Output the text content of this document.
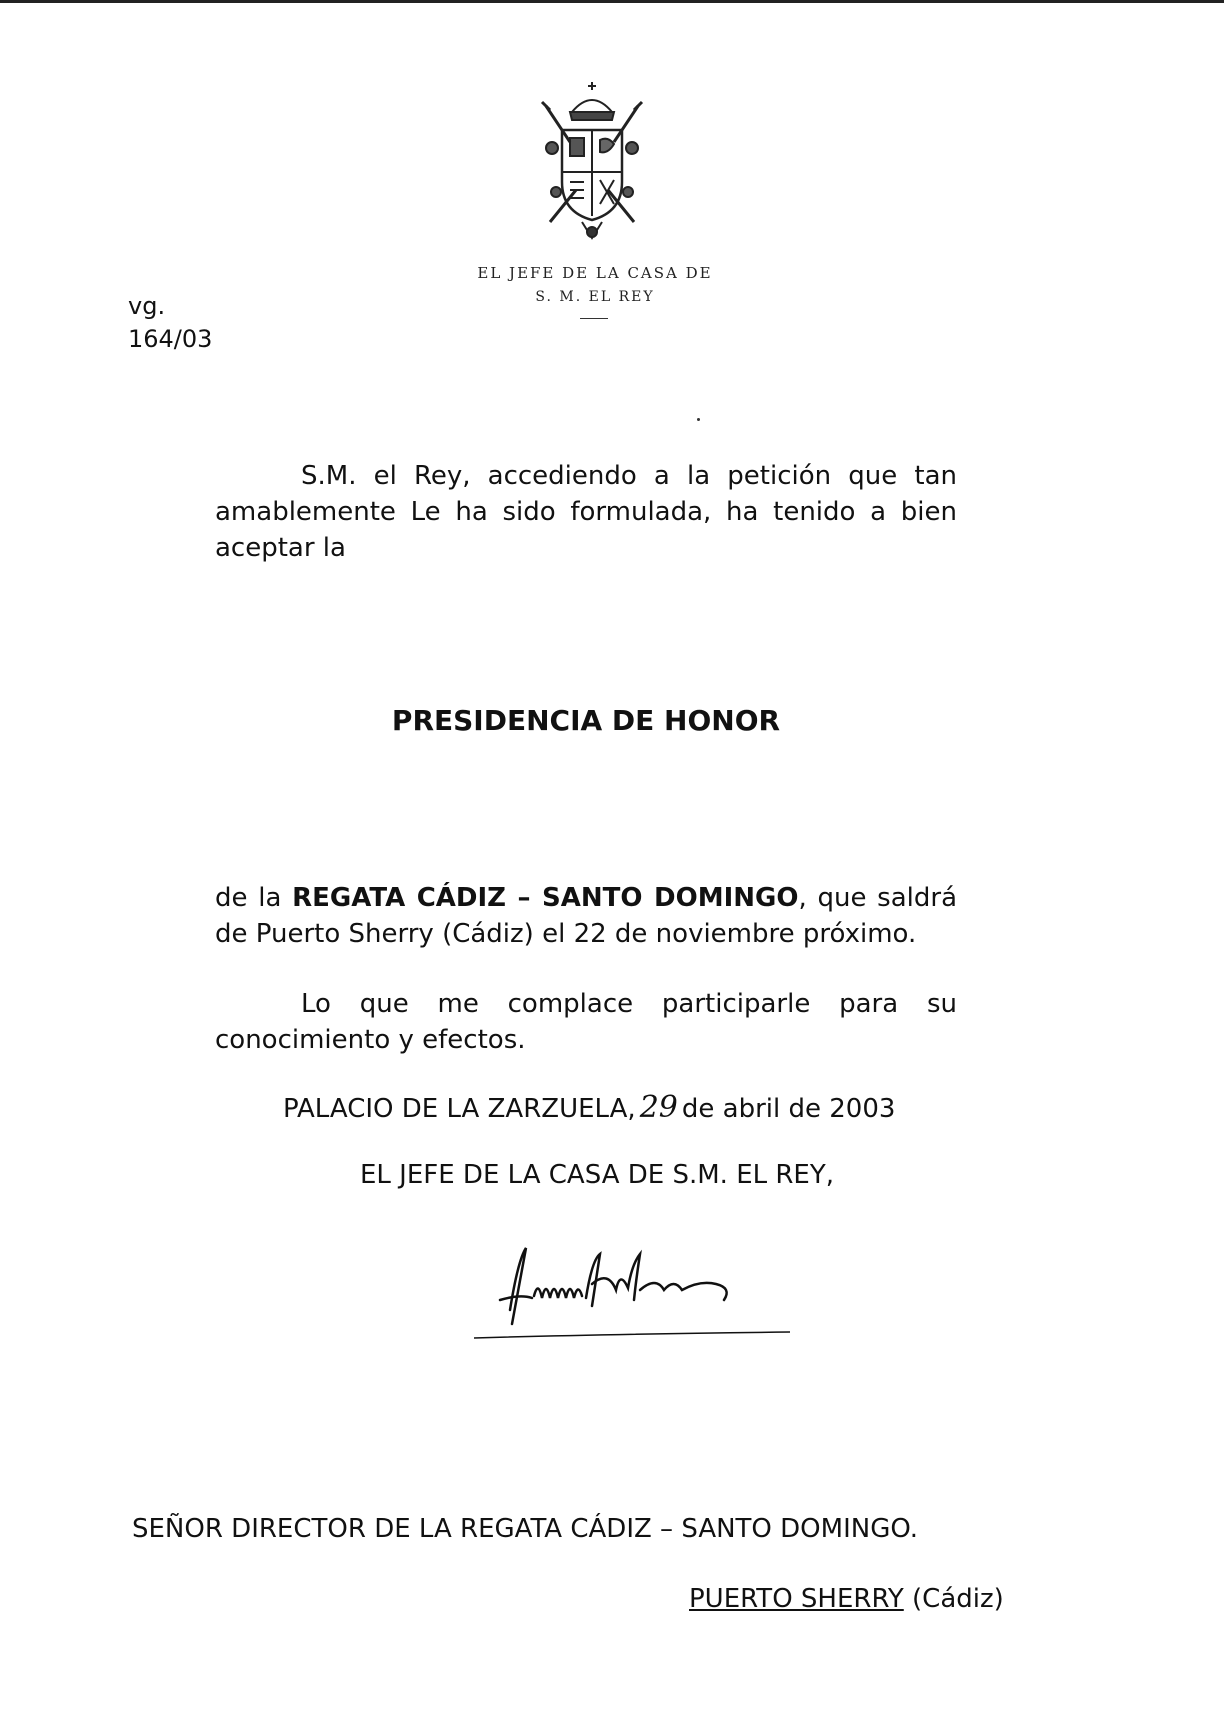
EL JEFE DE LA CASA DE
S. M. EL REY
vg.
164/03
S.M. el Rey, accediendo a la petición que tan amablemente Le ha sido formulada, ha tenido a bien aceptar la
PRESIDENCIA DE HONOR
de la REGATA CÁDIZ – SANTO DOMINGO, que saldrá de Puerto Sherry (Cádiz) el 22 de noviembre próximo.
Lo que me complace participarle para su conocimiento y efectos.
PALACIO DE LA ZARZUELA, 29 de abril de 2003
EL JEFE DE LA CASA DE S.M. EL REY,
SEÑOR DIRECTOR DE LA REGATA CÁDIZ – SANTO DOMINGO.
PUERTO SHERRY (Cádiz)
